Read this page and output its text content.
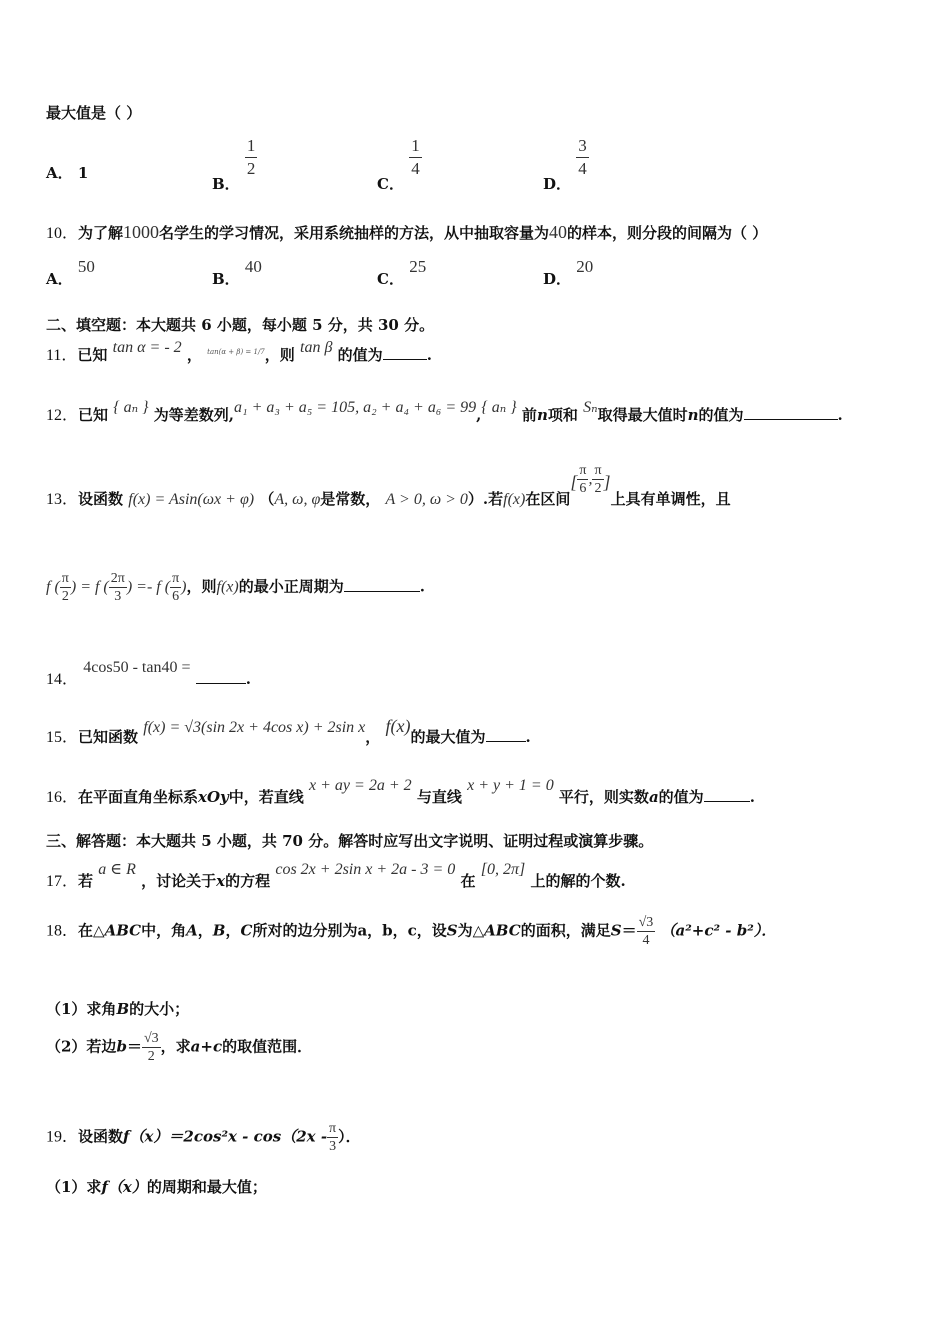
最大值是（ ）
A． 1
B．
$\frac{1}{2}$
C．
$\frac{1}{4}$
D．
$\frac{3}{4}$
10．为了解1000名学生的学习情况，采用系统抽样的方法，从中抽取容量为40的样本，则分段的间隔为（ ）
A． 50
B． 40
C． 25
D． 20
二、填空题：本大题共 6 小题，每小题 5 分，共 30 分。
11．已知 tan α = - 2 ， $^{tan(\alpha + \beta) = 1/7}$，则 tan β 的值为	.
12．已知 { aₙ } 为等差数列,a₁ + a₃ + a₅ = 105, a₂ + a₄ + a₆ = 99,{ aₙ } 前n项和 Sₙ取得最大值时n的值为	.
13．设函数 f(x) = Asin(ωx + φ) （A, ω, φ是常数， A > 0, ω > 0）.若f(x)在区间[ $\frac{\pi}{6}$ , $\frac{\pi}{2}$ ]上具有单调性，且
f ( $\frac{\pi}{2}$ ) = f ( $\frac{2\pi}{3}$ ) =- f ( $\frac{\pi}{6}$ )，则f(x)的最小正周期为	.
14． 4cos50 - tan40 = .
15．已知函数 f(x) = √3(sin 2x + 4cos x) + 2sin x， f(x)的最大值为	.
16．在平面直角坐标系xOy中，若直线 x + ay = 2a + 2 与直线 x + y + 1 = 0 平行，则实数a的值为	.
三、解答题：本大题共 5 小题，共 70 分。解答时应写出文字说明、证明过程或演算步骤。
17．若 a ∈ R ，讨论关于x的方程 cos 2x + 2sin x + 2a - 3 = 0 在 [0, 2π] 上的解的个数.
18．在△ABC中，角A，B，C所对的边分别为a，b，c，设S为△ABC的面积，满足$S= \frac{√3}{4} (a^2+c^2 - b^2)$．
（1）求角B的大小；
（2）若边$b= \frac{√3}{2}$ ，求a+c的取值范围．
19．设函数$f(x)=2\cos^2x - \cos(2x - \frac{\pi}{3}$ ）．
（1）求f（x）的周期和最大值；
